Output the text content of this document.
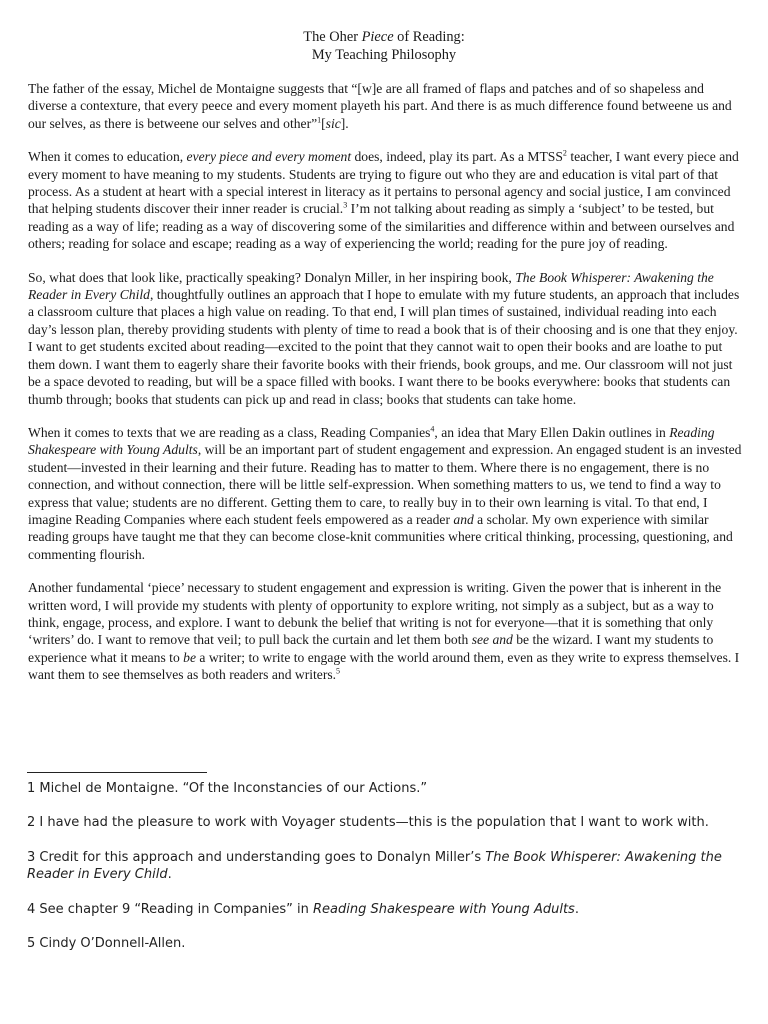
The Oher Piece of Reading:
My Teaching Philosophy

The father of the essay, Michel de Montaigne suggests that “[w]e are all framed of flaps and patches and of so shapeless and diverse a contexture, that every peece and every moment playeth his part. And there is as much difference found betweene us and our selves, as there is betweene our selves and other”$^1$[sic].

When it comes to education, every piece and every moment does, indeed, play its part. As a MTSS$^2$ teacher, I want every piece and every moment to have meaning to my students. Students are trying to figure out who they are and education is vital part of that process. As a student at heart with a special interest in literacy as it pertains to personal agency and social justice, I am convinced that helping students discover their inner reader is crucial.$^3$ I’m not talking about reading as simply a ‘subject’ to be tested, but reading as a way of life; reading as a way of discovering some of the similarities and difference within and between ourselves and others; reading for solace and escape; reading as a way of experiencing the world; reading for the pure joy of reading.

So, what does that look like, practically speaking? Donalyn Miller, in her inspiring book, The Book Whisperer: Awakening the Reader in Every Child, thoughtfully outlines an approach that I hope to emulate with my future students, an approach that includes a classroom culture that places a high value on reading. To that end, I will plan times of sustained, individual reading into each day’s lesson plan, thereby providing students with plenty of time to read a book that is of their choosing and is one that they enjoy. I want to get students excited about reading—excited to the point that they cannot wait to open their books and are loathe to put them down. I want them to eagerly share their favorite books with their friends, book groups, and me. Our classroom will not just be a space devoted to reading, but will be a space filled with books. I want there to be books everywhere: books that students can thumb through; books that students can pick up and read in class; books that students can take home.

When it comes to texts that we are reading as a class, Reading Companies$^4$, an idea that Mary Ellen Dakin outlines in Reading Shakespeare with Young Adults, will be an important part of student engagement and expression. An engaged student is an invested student—invested in their learning and their future. Reading has to matter to them. Where there is no engagement, there is no connection, and without connection, there will be little self-expression. When something matters to us, we tend to find a way to express that value; students are no different. Getting them to care, to really buy in to their own learning is vital. To that end, I imagine Reading Companies where each student feels empowered as a reader and a scholar. My own experience with similar reading groups have taught me that they can become close-knit communities where critical thinking, processing, questioning, and commenting flourish.

Another fundamental ‘piece’ necessary to student engagement and expression is writing. Given the power that is inherent in the written word, I will provide my students with plenty of opportunity to explore writing, not simply as a subject, but as a way to think, engage, process, and explore. I want to debunk the belief that writing is not for everyone—that it is something that only ‘writers’ do. I want to remove that veil; to pull back the curtain and let them both see and be the wizard. I want my students to experience what it means to be a writer; to write to engage with the world around them, even as they write to express themselves. I want them to see themselves as both readers and writers.$^5$

1 Michel de Montaigne. “Of the Inconstancies of our Actions.”

2 I have had the pleasure to work with Voyager students—this is the population that I want to work with.

3 Credit for this approach and understanding goes to Donalyn Miller’s The Book Whisperer: Awakening the Reader in Every Child.

4 See chapter 9 “Reading in Companies” in Reading Shakespeare with Young Adults.

5 Cindy O’Donnell-Allen.
